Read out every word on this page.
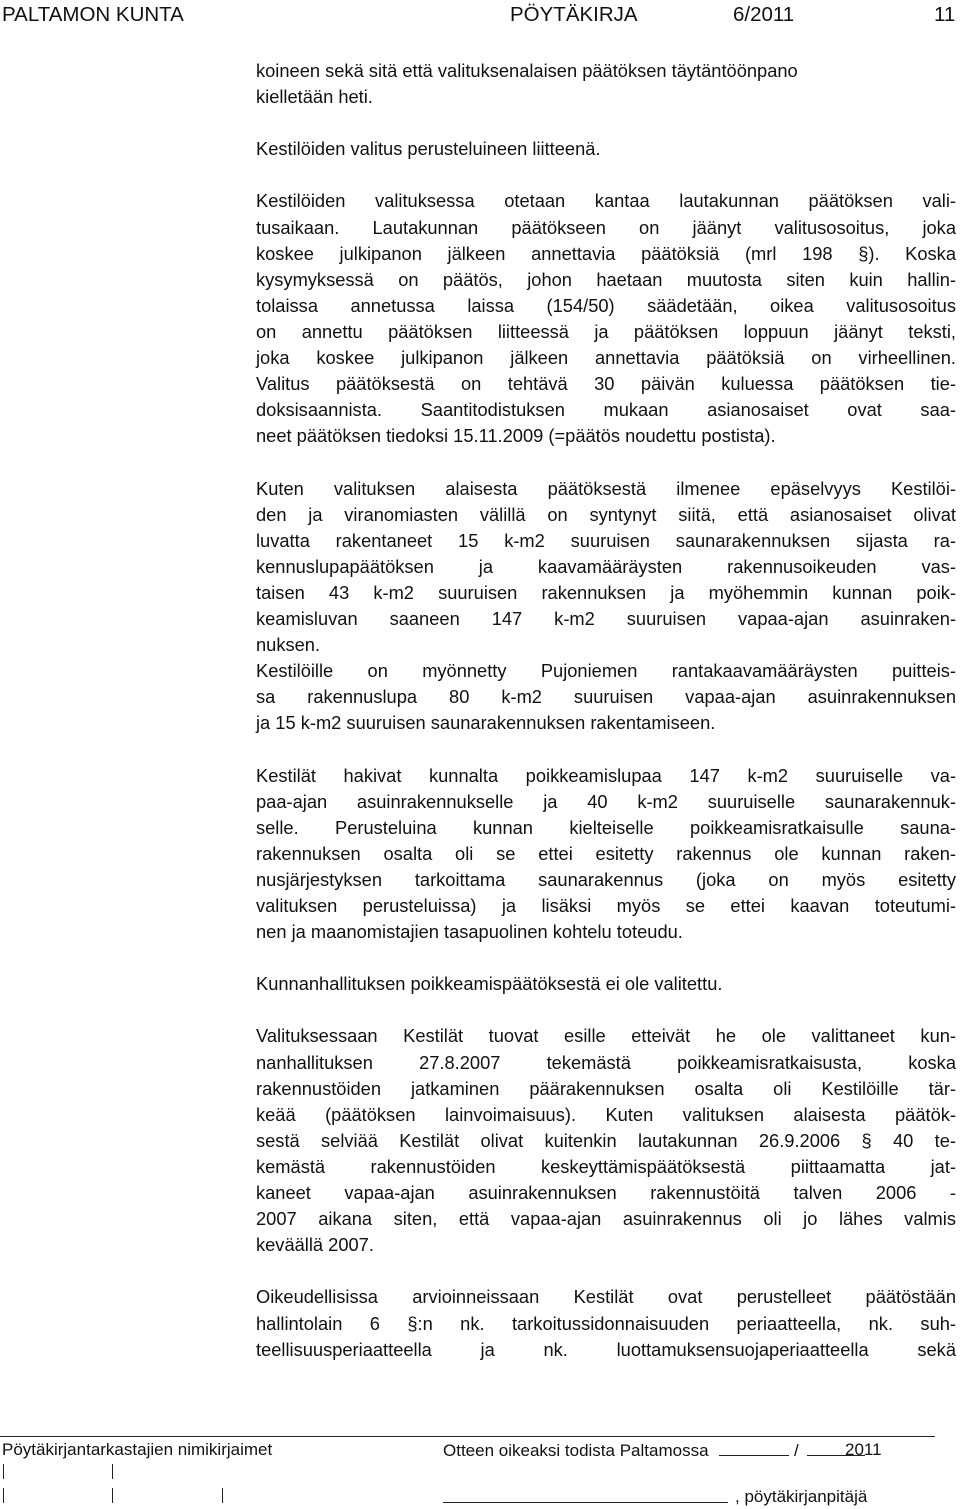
PALTAMON KUNTA	PÖYTÄKIRJA	6/2011	11
koineen sekä sitä että valituksenalaisen päätöksen täytäntöönpano
kielletään heti.
Kestilöiden valitus perusteluineen liitteenä.
Kestilöiden valituksessa otetaan kantaa lautakunnan päätöksen vali-
tusaikaan. Lautakunnan päätökseen on jäänyt valitusosoitus, joka
koskee julkipanon jälkeen annettavia päätöksiä (mrl 198 §). Koska
kysymyksessä on päätös, johon haetaan muutosta siten kuin hallin-
tolaissa annetussa laissa (154/50) säädetään, oikea valitusosoitus
on annettu päätöksen liitteessä ja päätöksen loppuun jäänyt teksti,
joka koskee julkipanon jälkeen annettavia päätöksiä on virheellinen.
Valitus päätöksestä on tehtävä 30 päivän kuluessa päätöksen tie-
doksisaannista. Saantitodistuksen mukaan asianosaiset ovat saa-
neet päätöksen tiedoksi 15.11.2009 (=päätös noudettu postista).
Kuten valituksen alaisesta päätöksestä ilmenee epäselvyys Kestilöi-
den ja viranomiasten välillä on syntynyt siitä, että asianosaiset olivat
luvatta rakentaneet 15 k-m2 suuruisen saunarakennuksen sijasta ra-
kennuslupapäätöksen ja kaavamääräysten rakennusoikeuden vas-
taisen 43 k-m2 suuruisen rakennuksen ja myöhemmin kunnan poik-
keamisluvan saaneen 147 k-m2 suuruisen vapaa-ajan asuinraken-
nuksen.
Kestilöille on myönnetty Pujoniemen rantakaavamääräysten puitteis-
sa rakennuslupa 80 k-m2 suuruisen vapaa-ajan asuinrakennuksen
ja 15 k-m2 suuruisen saunarakennuksen rakentamiseen.
Kestilät hakivat kunnalta poikkeamislupaa 147 k-m2 suuruiselle va-
paa-ajan asuinrakennukselle ja 40 k-m2 suuruiselle saunarakennuk-
selle. Perusteluina kunnan kielteiselle poikkeamisratkaisulle sauna-
rakennuksen osalta oli se ettei esitetty rakennus ole kunnan raken-
nusjärjestyksen tarkoittama saunarakennus (joka on myös esitetty
valituksen perusteluissa) ja lisäksi myös se ettei kaavan toteutumi-
nen ja maanomistajien tasapuolinen kohtelu toteudu.
Kunnanhallituksen poikkeamispäätöksestä ei ole valitettu.
Valituksessaan Kestilät tuovat esille etteivät he ole valittaneet kun-
nanhallituksen 27.8.2007 tekemästä poikkeamisratkaisusta, koska
rakennustöiden jatkaminen päärakennuksen osalta oli Kestilöille tär-
keää (päätöksen lainvoimaisuus). Kuten valituksen alaisesta päätök-
sestä selviää Kestilät olivat kuitenkin lautakunnan 26.9.2006 § 40 te-
kemästä rakennustöiden keskeyttämispäätöksestä piittaamatta jat-
kaneet vapaa-ajan asuinrakennuksen rakennustöitä talven 2006 -
2007 aikana siten, että vapaa-ajan asuinrakennus oli jo lähes valmis
keväällä 2007.
Oikeudellisissa arvioinneissaan Kestilät ovat perustelleet päätöstään
hallintolain 6 §:n nk. tarkoitussidonnaisuuden periaatteella, nk. suh-
teellisuusperiaatteella ja nk. luottamuksensuojaperiaatteella sekä
Pöytäkirjantarkastajien nimikirjaimet	Otteen oikeaksi todista Paltamossa	/	2011
, pöytäkirjanpitäjä
